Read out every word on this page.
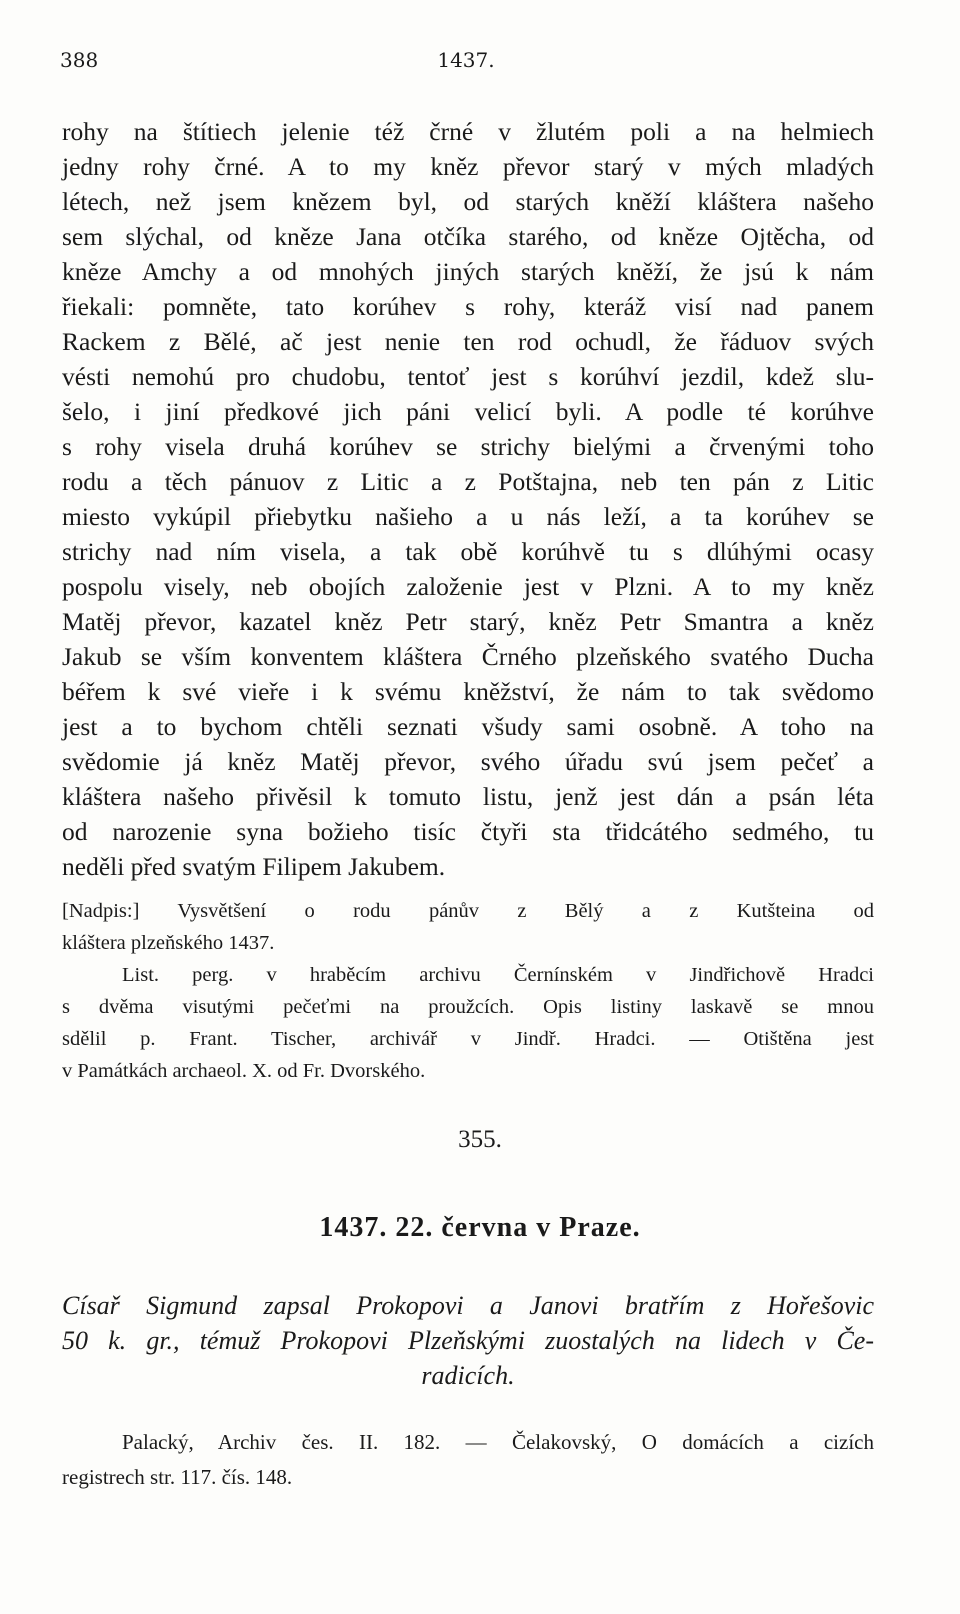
388	1437.
rohy na štítiech jelenie též črné v žlutém poli a na helmiech
jedny rohy črné. A to my kněz převor starý v mých mladých
létech, než jsem knězem byl, od starých kněží kláštera našeho
sem slýchal, od kněze Jana otčíka starého, od kněze Ojtěcha, od
kněze Amchy a od mnohých jiných starých kněží, že jsú k nám
řiekali: pomněte, tato korúhev s rohy, kteráž visí nad panem
Rackem z Bělé, ač jest nenie ten rod ochudl, že řáduov svých
vésti nemohú pro chudobu, tentoť jest s korúhví jezdil, kdež slu-
šelo, i jiní předkové jich páni velicí byli. A podle té korúhve
s rohy visela druhá korúhev se strichy bielými a črvenými toho
rodu a těch pánuov z Litic a z Potštajna, neb ten pán z Litic
miesto vykúpil přiebytku našieho a u nás leží, a ta korúhev se
strichy nad ním visela, a tak obě korúhvě tu s dlúhými ocasy
pospolu visely, neb obojích založenie jest v Plzni. A to my kněz
Matěj převor, kazatel kněz Petr starý, kněz Petr Smantra a kněz
Jakub se vším konventem kláštera Črného plzeňského svatého Ducha
béřem k své vieře i k svému kněžství, že nám to tak svědomo
jest a to bychom chtěli seznati všudy sami osobně. A toho na
svědomie já kněz Matěj převor, svého úřadu svú jsem pečeť a
kláštera našeho přivěsil k tomuto listu, jenž jest dán a psán léta
od narozenie syna božieho tisíc čtyři sta třidcátého sedmého, tu
neděli před svatým Filipem Jakubem.
[Nadpis:] Vysvětšení o rodu pánův z Bělý a z Kutšteina od
kláštera plzeňského 1437.
List. perg. v hraběcím archivu Černínském v Jindřichově Hradci
s dvěma visutými pečeťmi na proužcích. Opis listiny laskavě se mnou
sdělil p. Frant. Tischer, archivář v Jindř. Hradci. — Otištěna jest
v Památkách archaeol. X. od Fr. Dvorského.
355.
1437. 22. června v Praze.
Císař Sigmund zapsal Prokopovi a Janovi bratřím z Hořešovic
50 k. gr., témuž Prokopovi Plzeňskými zuostalých na lidech v Če-
radicích.
Palacký, Archiv čes. II. 182. — Čelakovský, O domácích a cizích
registrech str. 117. čís. 148.
